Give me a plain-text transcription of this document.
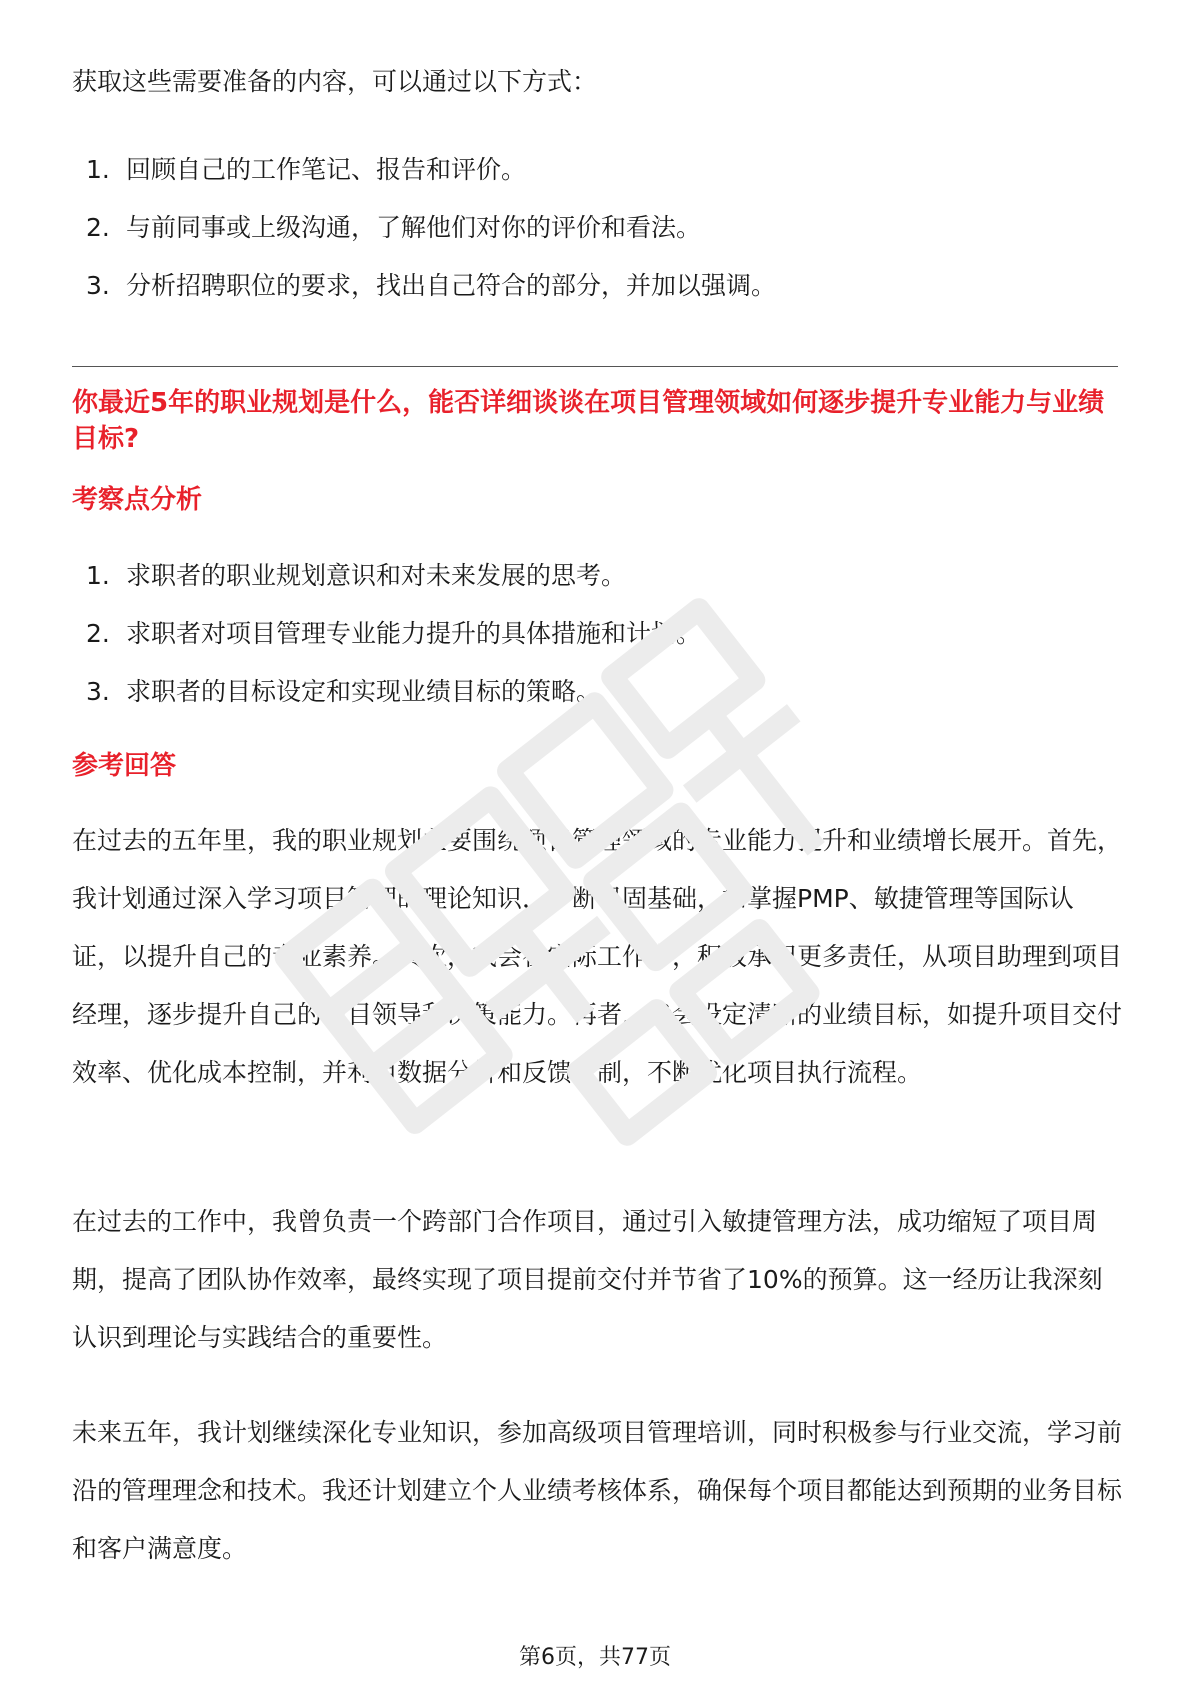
获取这些需要准备的内容，可以通过以下方式：
1. 回顾自己的工作笔记、报告和评价。
2. 与前同事或上级沟通，了解他们对你的评价和看法。
3. 分析招聘职位的要求，找出自己符合的部分，并加以强调。
你最近5年的职业规划是什么，能否详细谈谈在项目管理领域如何逐步提升专业能力与业绩目标?
考察点分析
1. 求职者的职业规划意识和对未来发展的思考。
2. 求职者对项目管理专业能力提升的具体措施和计划。
3. 求职者的目标设定和实现业绩目标的策略。
参考回答

在过去的五年里，我的职业规划主要围绕项目管理领域的专业能力提升和业绩增长展开。首先，我计划通过深入学习项目管理的理论知识，不断巩固基础，如掌握PMP、敏捷管理等国际认证，以提升自己的专业素养。其次，我会在实际工作中，积极承担更多责任，从项目助理到项目经理，逐步提升自己的项目领导和决策能力。再者，我会设定清晰的业绩目标，如提升项目交付效率、优化成本控制，并利用数据分析和反馈机制，不断优化项目执行流程。

在过去的工作中，我曾负责一个跨部门合作项目，通过引入敏捷管理方法，成功缩短了项目周期，提高了团队协作效率，最终实现了项目提前交付并节省了10%的预算。这一经历让我深刻认识到理论与实践结合的重要性。

未来五年，我计划继续深化专业知识，参加高级项目管理培训，同时积极参与行业交流，学习前沿的管理理念和技术。我还计划建立个人业绩考核体系，确保每个项目都能达到预期的业务目标和客户满意度。

第6页，共77页
